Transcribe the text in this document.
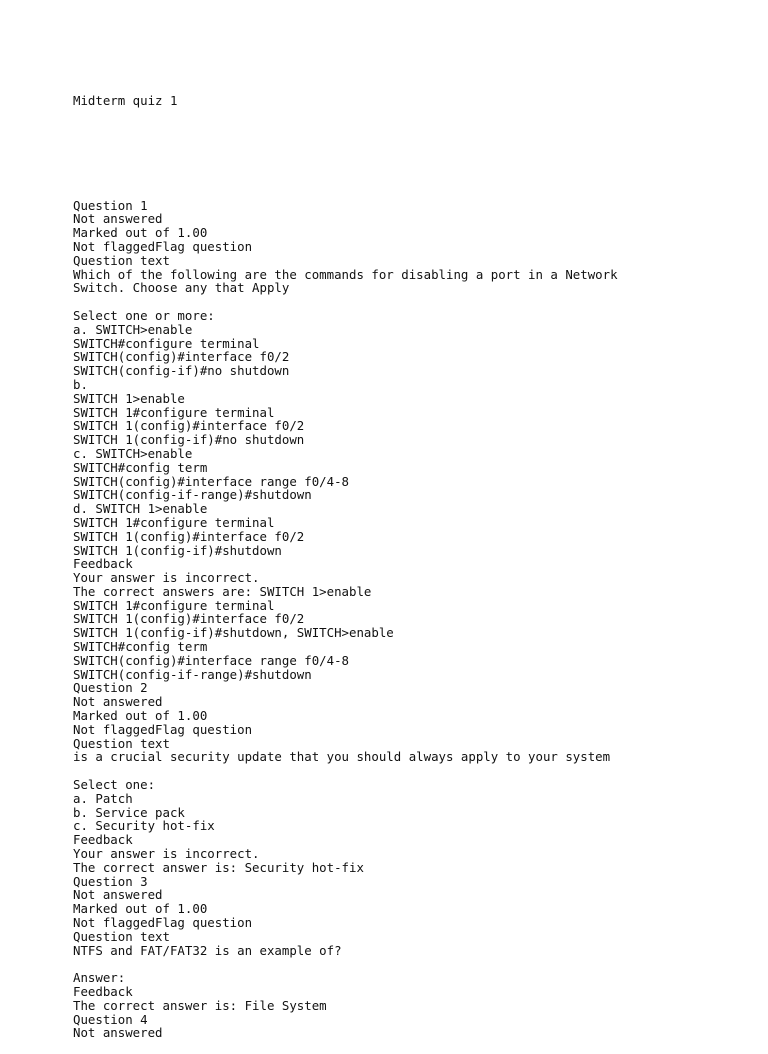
Midterm quiz 1

Question 1
Not answered
Marked out of 1.00
Not flaggedFlag question
Question text
Which of the following are the commands for disabling a port in a Network
Switch. Choose any that Apply
Select one or more:
a. SWITCH>enable
SWITCH#configure terminal
SWITCH(config)#interface f0/2
SWITCH(config-if)#no shutdown
b.
SWITCH 1>enable
SWITCH 1#configure terminal
SWITCH 1(config)#interface f0/2
SWITCH 1(config-if)#no shutdown
c. SWITCH>enable
SWITCH#config term
SWITCH(config)#interface range f0/4-8
SWITCH(config-if-range)#shutdown
d. SWITCH 1>enable
SWITCH 1#configure terminal
SWITCH 1(config)#interface f0/2
SWITCH 1(config-if)#shutdown
Feedback
Your answer is incorrect.
The correct answers are: SWITCH 1>enable
SWITCH 1#configure terminal
SWITCH 1(config)#interface f0/2
SWITCH 1(config-if)#shutdown, SWITCH>enable
SWITCH#config term
SWITCH(config)#interface range f0/4-8
SWITCH(config-if-range)#shutdown
Question 2
Not answered
Marked out of 1.00
Not flaggedFlag question
Question text
is a crucial security update that you should always apply to your system
Select one:
a. Patch
b. Service pack
c. Security hot-fix
Feedback
Your answer is incorrect.
The correct answer is: Security hot-fix
Question 3
Not answered
Marked out of 1.00
Not flaggedFlag question
Question text
NTFS and FAT/FAT32 is an example of?
Answer:
Feedback
The correct answer is: File System
Question 4
Not answered
